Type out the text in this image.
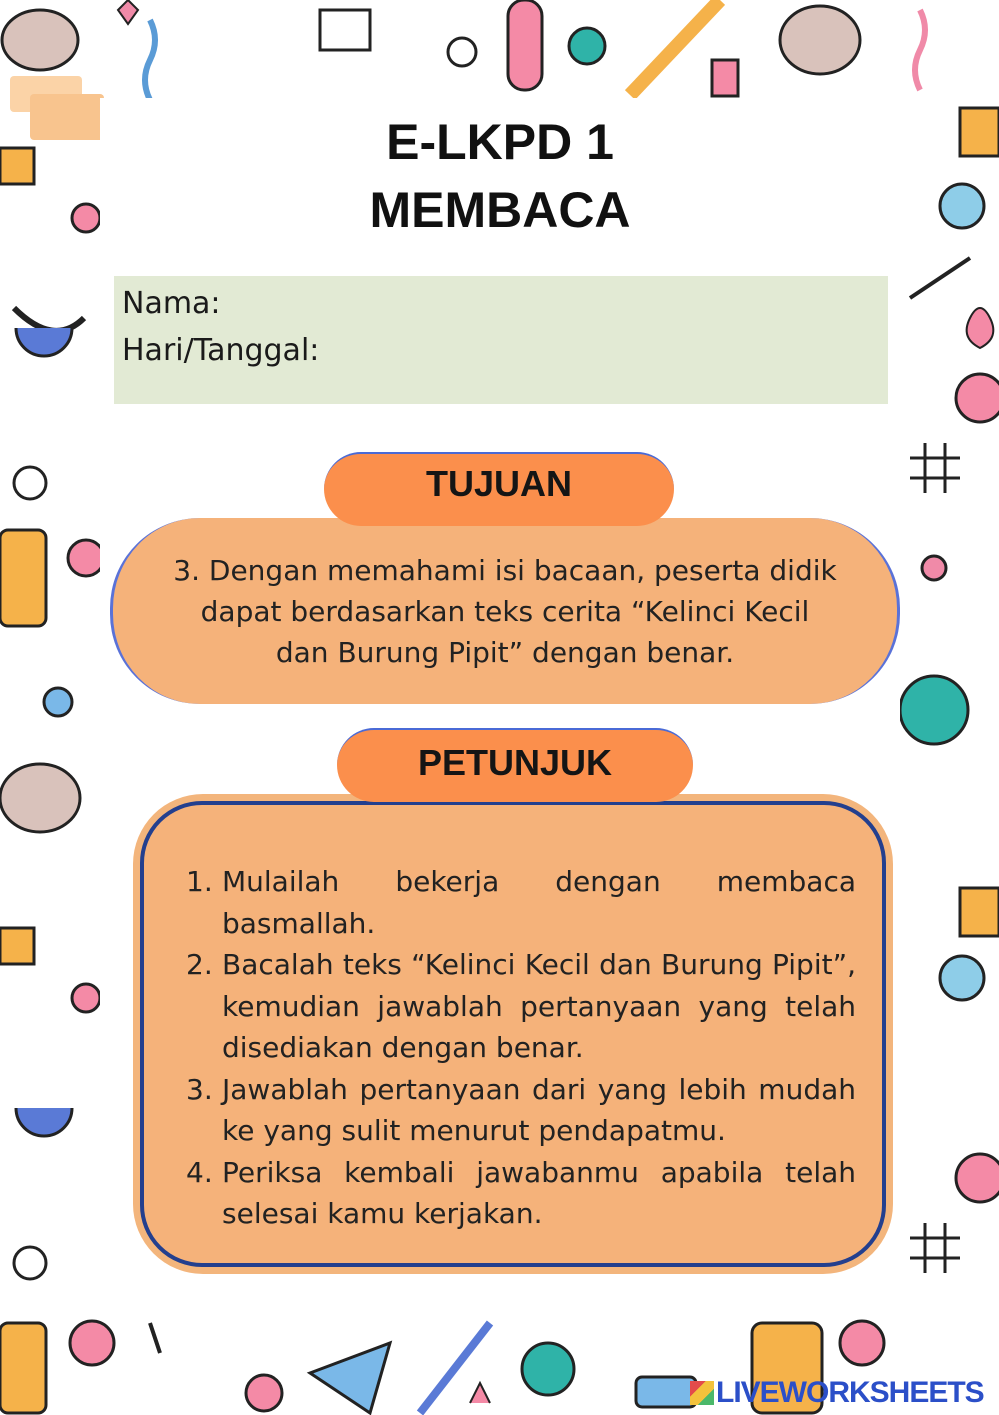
E-LKPD 1
MEMBACA
Nama:
Hari/Tanggal:

3. Dengan memahami isi bacaan, peserta didik dapat berdasarkan teks cerita “Kelinci Kecil dan Burung Pipit” dengan benar.

TUJUAN
1. Mulailah bekerja dengan membaca basmallah.
2. Bacalah teks “Kelinci Kecil dan Burung Pipit”, kemudian jawablah pertanyaan yang telah disediakan dengan benar.
3. Jawablah pertanyaan dari yang lebih mudah ke yang sulit menurut pendapatmu.
4. Periksa kembali jawabanmu apabila telah selesai kamu kerjakan.
PETUNJUK
LIVEWORKSHEETS
